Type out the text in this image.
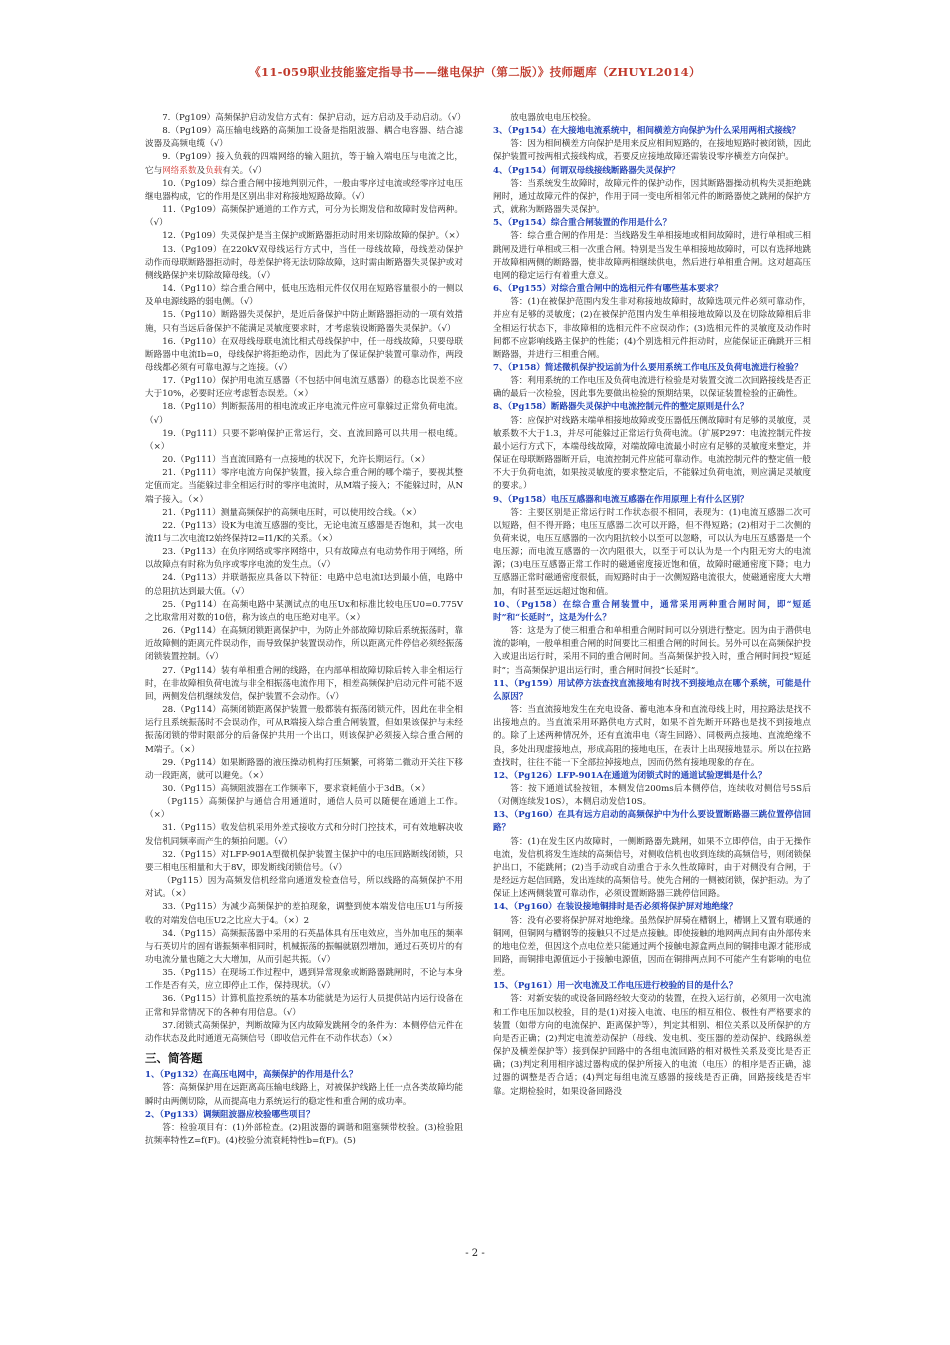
《11-059职业技能鉴定指导书——继电保护（第二版）》技师题库（ZHUYL2014）

7.（Pg109）高频保护启动发信方式有：保护启动，远方启动及手动启动。（√）

8.（Pg109）高压输电线路的高频加工设备是指阻波器、耦合电容器、结合滤波器及高频电缆（√）

9.（Pg109）接入负载的四端网络的输入阻抗，等于输入端电压与电流之比，它与网络系数及负载有关。（√）

10.（Pg109）综合重合闸中接地判别元件，一般由零序过电流或经零序过电压继电器构成，它的作用是区别出非对称接地短路故障。（√）

11.（Pg109）高频保护通道的工作方式，可分为长期发信和故障时发信两种。（√）

12.（Pg109）失灵保护是当主保护或断路器拒动时用来切除故障的保护。（×）

13.（Pg109）在220kV双母线运行方式中，当任一母线故障，母线差动保护动作而母联断路器拒动时，母差保护将无法切除故障，这时需由断路器失灵保护或对侧线路保护来切除故障母线。（√）

14.（Pg110）综合重合闸中，低电压选相元件仅仅用在短路容量很小的一侧以及单电源线路的弱电侧。（√）

15.（Pg110）断路器失灵保护，是近后备保护中防止断路器拒动的一项有效措施，只有当远后备保护不能满足灵敏度要求时，才考虑装设断路器失灵保护。（√）

16.（Pg110）在双母线母联电流比相式母线保护中，任一母线故障，只要母联断路器中电流Ib=0，母线保护将拒绝动作，因此为了保证保护装置可靠动作，两段母线都必须有可靠电源与之连接。（√）

17.（Pg110）保护用电流互感器（不包括中间电流互感器）的稳态比误差不应大于10%，必要时还应考虑暂态误差。（×）

18.（Pg110）判断振荡用的相电流或正序电流元件应可靠躲过正常负荷电流。（√）

19.（Pg111）只要不影响保护正常运行，交、直流回路可以共用一根电缆。（×）

20.（Pg111）当直流回路有一点接地的状况下，允许长期运行。（×）

21.（Pg111）零序电流方向保护装置，接入综合重合闸的哪个端子，要视其整定值而定。当能躲过非全相运行时的零序电流时，从M端子接入；不能躲过时，从N端子接入。（×）

21.（Pg111）测量高频保护的高频电压时，可以使用绞合线。（×）

22.（Pg113）设K为电流互感器的变比，无论电流互感器是否饱和，其一次电流I1与二次电流I2始终保持I2=I1/K的关系。（×）

23.（Pg113）在负序网络或零序网络中，只有故障点有电动势作用于网络，所以故障点有时称为负序或零序电流的发生点。（√）

24.（Pg113）并联谐振应具备以下特征：电路中总电流I达到最小值，电路中的总阻抗达到最大值。（√）

25.（Pg114）在高频电路中某测试点的电压Ux和标准比较电压U0=0.775V之比取常用对数的10倍，称为该点的电压绝对电平。（×）

26.（Pg114）在高频闭锁距离保护中，为防止外部故障切除后系统振荡时，靠近故障侧的距离元件误动作，而导致保护装置误动作，所以距离元件停信必须经振荡闭锁装置控制。（√）

27.（Pg114）装有单相重合闸的线路，在内部单相故障切除后转入非全相运行时，在非故障相负荷电流与非全相振荡电流作用下，相差高频保护启动元件可能不返回，两侧发信机继续发信，保护装置不会动作。（√）

28.（Pg114）高频闭锁距离保护装置一般都装有振荡闭锁元件，因此在非全相运行且系统振荡时不会误动作，可从R端接入综合重合闸装置，但如果该保护与未经振荡闭锁的带时限部分的后备保护共用一个出口，则该保护必须接入综合重合闸的M端子。（×）

29.（Pg114）如果断路器的液压操动机构打压频繁，可将第二微动开关往下移动一段距离，就可以避免。（×）

30.（Pg115）高频阻波器在工作频率下，要求衰耗值小于3dB。（×）

（Pg115）高频保护与通信合用通道时，通信人员可以随便在通道上工作。（×）

31.（Pg115）收发信机采用外差式接收方式和分时门控技术，可有效地解决收发信机同频率而产生的频拍问题。（√）

32.（Pg115）对LFP-901A型微机保护装置主保护中的电压回路断线闭锁，只要三相电压相量和大于8V，即发断线闭锁信号。（√）

（Pg115）因为高频发信机经常向通道发检查信号，所以线路的高频保护不用对试。（×）

33.（Pg115）为减少高频保护的差拍现象，调整到使本端发信电压U1与所接收的对端发信电压U2之比应大于4。（×）2

34.（Pg115）高频振荡器中采用的石英晶体具有压电效应，当外加电压的频率与石英切片的固有谐振频率相同时，机械振荡的振幅就剧烈增加，通过石英切片的有功电流分量也随之大大增加，从而引起共振。（√）

35.（Pg115）在现场工作过程中，遇到异常现象或断路器跳闸时，不论与本身工作是否有关，应立即停止工作，保持现状。（√）

36.（Pg115）计算机监控系统的基本功能就是为运行人员提供站内运行设备在正常和异常情况下的各种有用信息。（√）

37.闭锁式高频保护，判断故障为区内故障发跳闸令的条件为：本侧停信元件在动作状态及此时通道无高频信号（即收信元件在不动作状态）（×）

三、简答题

1、（Pg132）在高压电网中，高频保护的作用是什么？

答：高频保护用在远距离高压输电线路上，对被保护线路上任一点各类故障均能瞬时由两侧切除，从而提高电力系统运行的稳定性和重合闸的成功率。

2、（Pg133）调频阻波器应校验哪些项目？

答：检验项目有：(1)外部检查。(2)阻波器的调谐和阻塞频带校验。(3)检验阻抗频率特性Z=f(F)。(4)校验分流衰耗特性b=f(F)。(5)

放电器放电电压校验。

3、（Pg154）在大接地电流系统中，相间横差方向保护为什么采用两相式接线？

答：因为相间横差方向保护是用来反应相间短路的，在接地短路时被闭锁，因此保护装置可按两相式接线构成，若要反应接地故障还需装设零序横差方向保护。

4、（Pg154）何谓双母线接线断路器失灵保护？

答：当系统发生故障时，故障元件的保护动作，因其断路器操动机构失灵拒绝跳闸时，通过故障元件的保护，作用于同一变电所相邻元件的断路器使之跳闸的保护方式，就称为断路器失灵保护。

5、（Pg154）综合重合闸装置的作用是什么？

答：综合重合闸的作用是：当线路发生单相接地或相间故障时，进行单相或三相跳闸及进行单相或三相一次重合闸。特别是当发生单相接地故障时，可以有选择地跳开故障相两侧的断路器，使非故障两相继续供电，然后进行单相重合闸。这对超高压电网的稳定运行有着重大意义。

6、（Pg155）对综合重合闸中的选相元件有哪些基本要求？

答：(1)在被保护范围内发生非对称接地故障时，故障选项元件必须可靠动作，并应有足够的灵敏度；(2)在被保护范围内发生单相接地故障以及在切除故障相后非全相运行状态下，非故障相的选相元件不应误动作；(3)选相元件的灵敏度及动作时间都不应影响线路主保护的性能；(4)个别选相元件拒动时，应能保证正确跳开三相断路器，并进行三相重合闸。

7、（P158）简述微机保护投运前为什么要用系统工作电压及负荷电流进行检验？

答：利用系统的工作电压及负荷电流进行检验是对装置交流二次回路接线是否正确的最后一次检验，因此事先要做出检验的预期结果，以保证装置检验的正确性。

8、（Pg158）断路器失灵保护中电流控制元件的整定原则是什么？

答：应保护对线路末端单相接地故障或变压器低压侧故障时有足够的灵敏度，灵敏系数不大于1.3，并尽可能躲过正常运行负荷电流。（扩展P297：电流控制元件按最小运行方式下，本端母线故障，对端故障电流最小时应有足够的灵敏度来整定，并保证在母联断路器断开后，电流控制元件应能可靠动作。电流控制元件的整定值一般不大于负荷电流，如果按灵敏度的要求整定后，不能躲过负荷电流，则应满足灵敏度的要求。）

9、（Pg158）电压互感器和电流互感器在作用原理上有什么区别？

答：主要区别是正常运行时工作状态很不相同，表现为：(1)电流互感器二次可以短路，但不得开路；电压互感器二次可以开路，但不得短路；(2)相对于二次侧的负荷来说，电压互感器的一次内阻抗较小以至可以忽略，可以认为电压互感器是一个电压源；而电流互感器的一次内阻很大，以至于可以认为是一个内阻无穷大的电流源；(3)电压互感器正常工作时的磁通密度接近饱和值，故障时磁通密度下降；电力互感器正常时磁通密度很低，而短路时由于一次侧短路电流很大，使磁通密度大大增加，有时甚至远远超过饱和值。

10、（Pg158）在综合重合闸装置中，通常采用两种重合闸时间，即“短延时”和“长延时”，这是为什么？

答：这是为了使三相重合和单相重合闸时间可以分别进行整定。因为由于潜供电流的影响，一般单相重合闸的时间要比三相重合闸的时间长。另外可以在高频保护投入或退出运行时，采用不同的重合闸时间。当高频保护投入时，重合闸时间投“短延时”；当高频保护退出运行时，重合闸时间投“长延时”。

11、（Pg159）用试停方法查找直流接地有时找不到接地点在哪个系统，可能是什么原因？

答：当直流接地发生在充电设备、蓄电池本身和直流母线上时，用拉路法是找不出接地点的。当直流采用环路供电方式时，如果不首先断开环路也是找不到接地点的。除了上述两种情况外，还有直流串电（寄生回路）、同极两点接地、直流绝缘不良，多处出现虚接地点，形成高阻的接地电压，在表计上出现接地显示。所以在拉路查找时，往往不能一下全部拉掉接地点，因而仍然有接地现象的存在。

12、（Pg126）LFP-901A在通道为闭锁式时的通道试验逻辑是什么？

答：按下通道试验按钮，本侧发信200ms后本侧停信，连续收对侧信号5S后（对侧连续发10S），本侧启动发信10S。

13、（Pg160）在具有远方启动的高频保护中为什么要设置断路器三跳位置停信回路？

答：(1)在发生区内故障时，一侧断路器先跳闸，如果不立即停信，由于无操作电流，发信机将发生连续的高频信号，对侧收信机也收到连续的高频信号，则闭锁保护出口，不能跳闸；(2)当手动或自动重合于永久性故障时，由于对侧没有合闸，于是经远方起信回路，发出连续的高频信号。使先合闸的一侧被闭锁，保护拒动。为了保证上述两侧装置可靠动作，必须设置断路器三跳停信回路。

14、（Pg160）在装设接地铜排时是否必须将保护屏对地绝缘？

答：没有必要将保护屏对地绝缘。虽然保护屏骑在槽钢上，槽钢上又置有联通的铜网，但铜网与槽钢等的接触只不过是点接触。即使接触的地网两点间有由外部传来的地电位差，但因这个点电位差只能通过两个接触电源盒两点间的铜排电源才能形成回路，而铜排电源值远小于接触电源值，因而在铜排两点间不可能产生有影响的电位差。

15、（Pg161）用一次电流及工作电压进行校验的目的是什么？

答：对新安装的或设备回路经较大变动的装置，在投入运行前，必须用一次电流和工作电压加以校验，目的是(1)对接入电流、电压的相互相位、极性有严格要求的装置（如带方向的电流保护、距离保护等），判定其相别、相位关系以及所保护的方向是否正确；(2)判定电流差动保护（母线、发电机、变压器的差动保护、线路纵差保护及横差保护等）接到保护回路中的各组电流回路的相对极性关系及变比是否正确；(3)判定利用相序滤过器构成的保护所接入的电流（电压）的相序是否正确，滤过器的调整是否合适；(4)判定每组电流互感器的接线是否正确，回路接线是否牢靠。定期检验时，如果设备回路没

- 2 -
